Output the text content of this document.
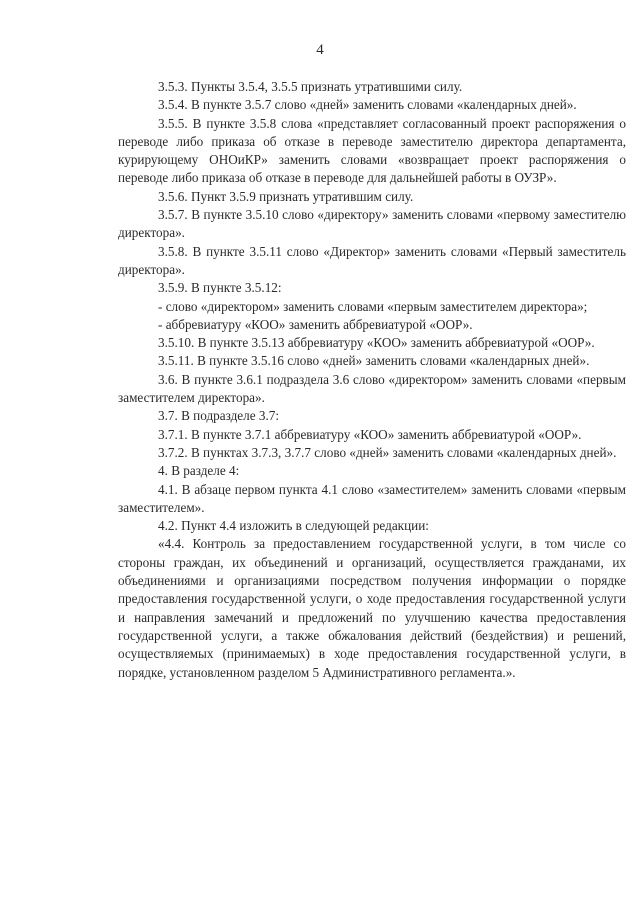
4

3.5.3. Пункты 3.5.4, 3.5.5 признать утратившими силу.

3.5.4. В пункте 3.5.7 слово «дней» заменить словами «календарных дней».

3.5.5. В пункте 3.5.8 слова «представляет согласованный проект распоряжения о переводе либо приказа об отказе в переводе заместителю директора департамента, курирующему ОНОиКР» заменить словами «возвращает проект распоряжения о переводе либо приказа об отказе в переводе для дальнейшей работы в ОУЗР».

3.5.6. Пункт 3.5.9 признать утратившим силу.

3.5.7. В пункте 3.5.10 слово «директору» заменить словами «первому заместителю директора».

3.5.8. В пункте 3.5.11 слово «Директор» заменить словами «Первый заместитель директора».

3.5.9. В пункте 3.5.12:

- слово «директором» заменить словами «первым заместителем директора»;

- аббревиатуру «КОО» заменить аббревиатурой «ООР».

3.5.10. В пункте 3.5.13 аббревиатуру «КОО» заменить аббревиатурой «ООР».

3.5.11. В пункте 3.5.16 слово «дней» заменить словами «календарных дней».

3.6. В пункте 3.6.1 подраздела 3.6 слово «директором» заменить словами «первым заместителем директора».

3.7. В подразделе 3.7:

3.7.1. В пункте 3.7.1 аббревиатуру «КОО» заменить аббревиатурой «ООР».

3.7.2. В пунктах 3.7.3, 3.7.7 слово «дней» заменить словами «календарных дней».

4. В разделе 4:

4.1. В абзаце первом пункта 4.1 слово «заместителем» заменить словами «первым заместителем».

4.2. Пункт 4.4 изложить в следующей редакции:

«4.4. Контроль за предоставлением государственной услуги, в том числе со стороны граждан, их объединений и организаций, осуществляется гражданами, их объединениями и организациями посредством получения информации о порядке предоставления государственной услуги, о ходе предоставления государственной услуги и направления замечаний и предложений по улучшению качества предоставления государственной услуги, а также обжалования действий (бездействия) и решений, осуществляемых (принимаемых) в ходе предоставления государственной услуги, в порядке, установленном разделом 5 Административного регламента.».
